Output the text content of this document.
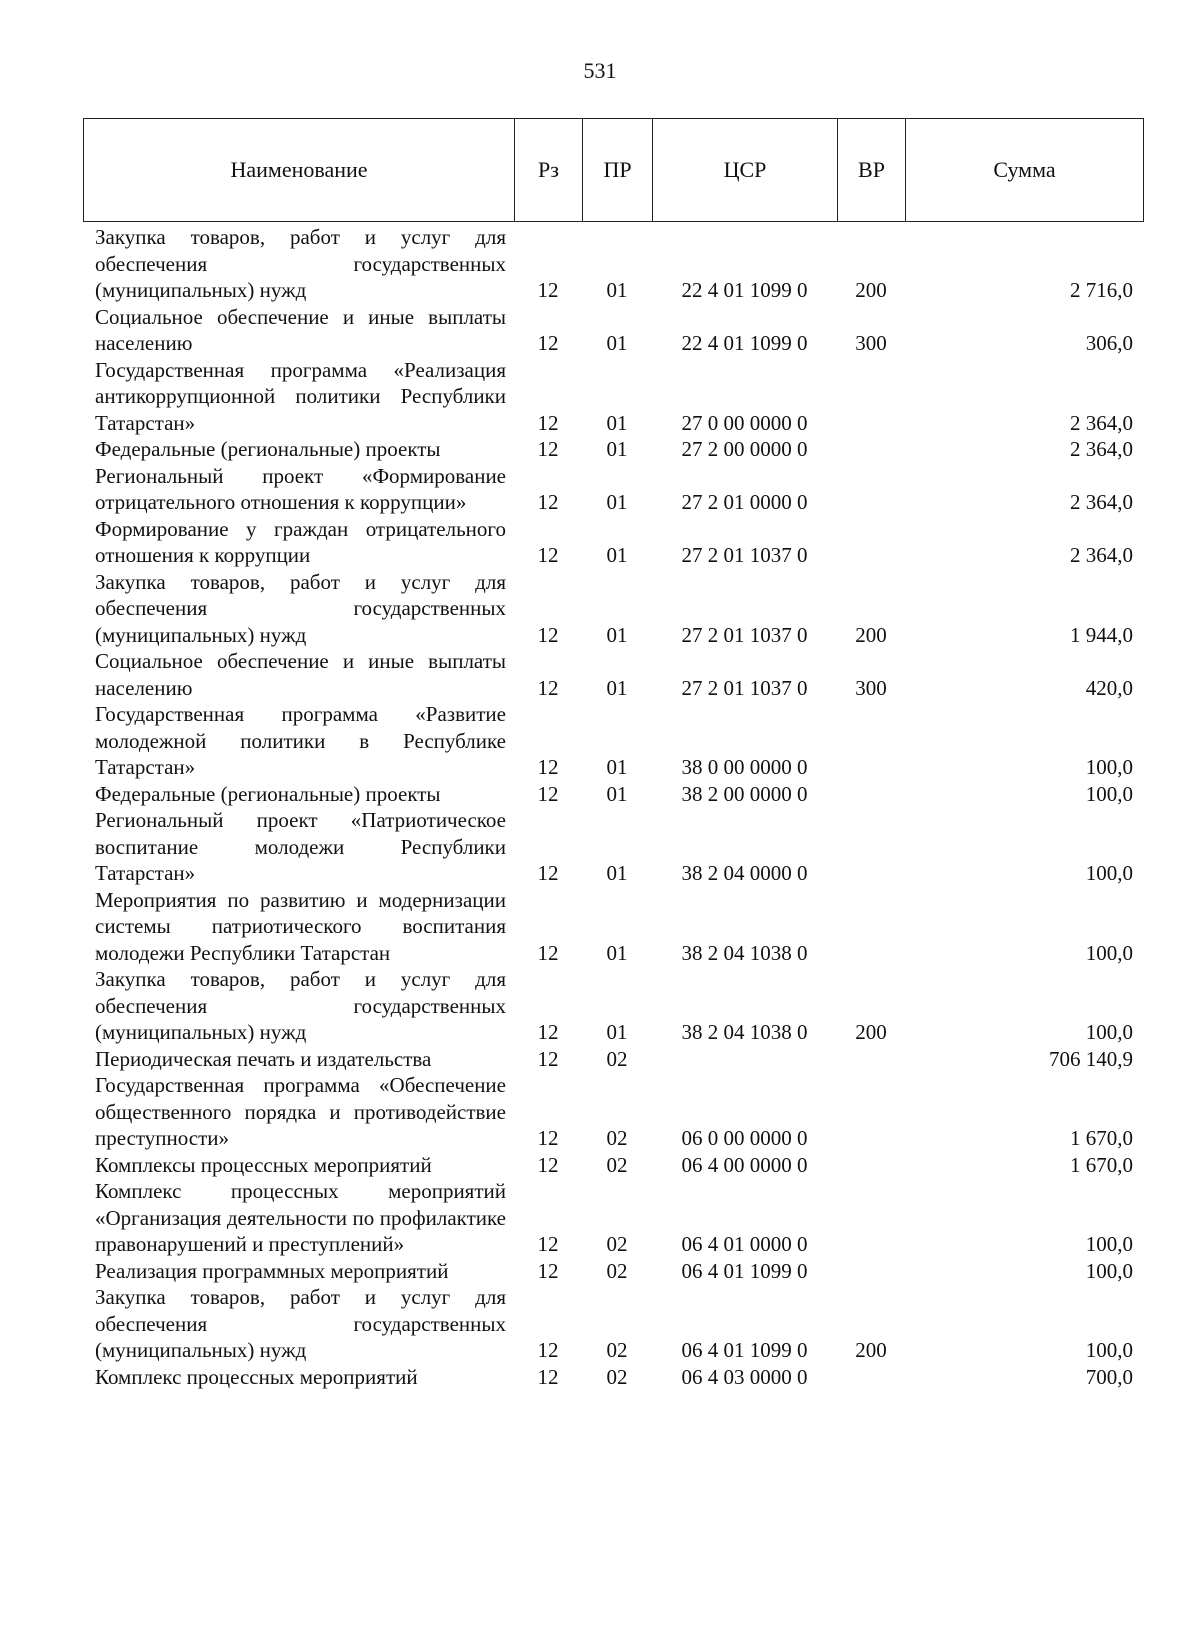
531
Наименование	Рз	ПР	ЦСР	ВР	Сумма
Закупка товаров, работ и услуг для обеспечения государственных (муниципальных) нужд	12	01	22 4 01 1099 0	200	2 716,0
Социальное обеспечение и иные выплаты населению	12	01	22 4 01 1099 0	300	306,0
Государственная программа «Реализация антикоррупционной политики Республики Татарстан»	12	01	27 0 00 0000 0		2 364,0
Федеральные (региональные) проекты	12	01	27 2 00 0000 0		2 364,0
Региональный проект «Формирование отрицательного отношения к коррупции»	12	01	27 2 01 0000 0		2 364,0
Формирование у граждан отрицательного отношения к коррупции	12	01	27 2 01 1037 0		2 364,0
Закупка товаров, работ и услуг для обеспечения государственных (муниципальных) нужд	12	01	27 2 01 1037 0	200	1 944,0
Социальное обеспечение и иные выплаты населению	12	01	27 2 01 1037 0	300	420,0
Государственная программа «Развитие молодежной политики в Республике Татарстан»	12	01	38 0 00 0000 0		100,0
Федеральные (региональные) проекты	12	01	38 2 00 0000 0		100,0
Региональный проект «Патриотическое воспитание молодежи Республики Татарстан»	12	01	38 2 04 0000 0		100,0
Мероприятия по развитию и модернизации системы патриотического воспитания молодежи Республики Татарстан	12	01	38 2 04 1038 0		100,0
Закупка товаров, работ и услуг для обеспечения государственных (муниципальных) нужд	12	01	38 2 04 1038 0	200	100,0
Периодическая печать и издательства	12	02			706 140,9
Государственная программа «Обеспечение общественного порядка и противодействие преступности»	12	02	06 0 00 0000 0		1 670,0
Комплексы процессных мероприятий	12	02	06 4 00 0000 0		1 670,0
Комплекс процессных мероприятий «Организация деятельности по профилактике правонарушений и преступлений»	12	02	06 4 01 0000 0		100,0
Реализация программных мероприятий	12	02	06 4 01 1099 0		100,0
Закупка товаров, работ и услуг для обеспечения государственных (муниципальных) нужд	12	02	06 4 01 1099 0	200	100,0
Комплекс процессных мероприятий	12	02	06 4 03 0000 0		700,0
